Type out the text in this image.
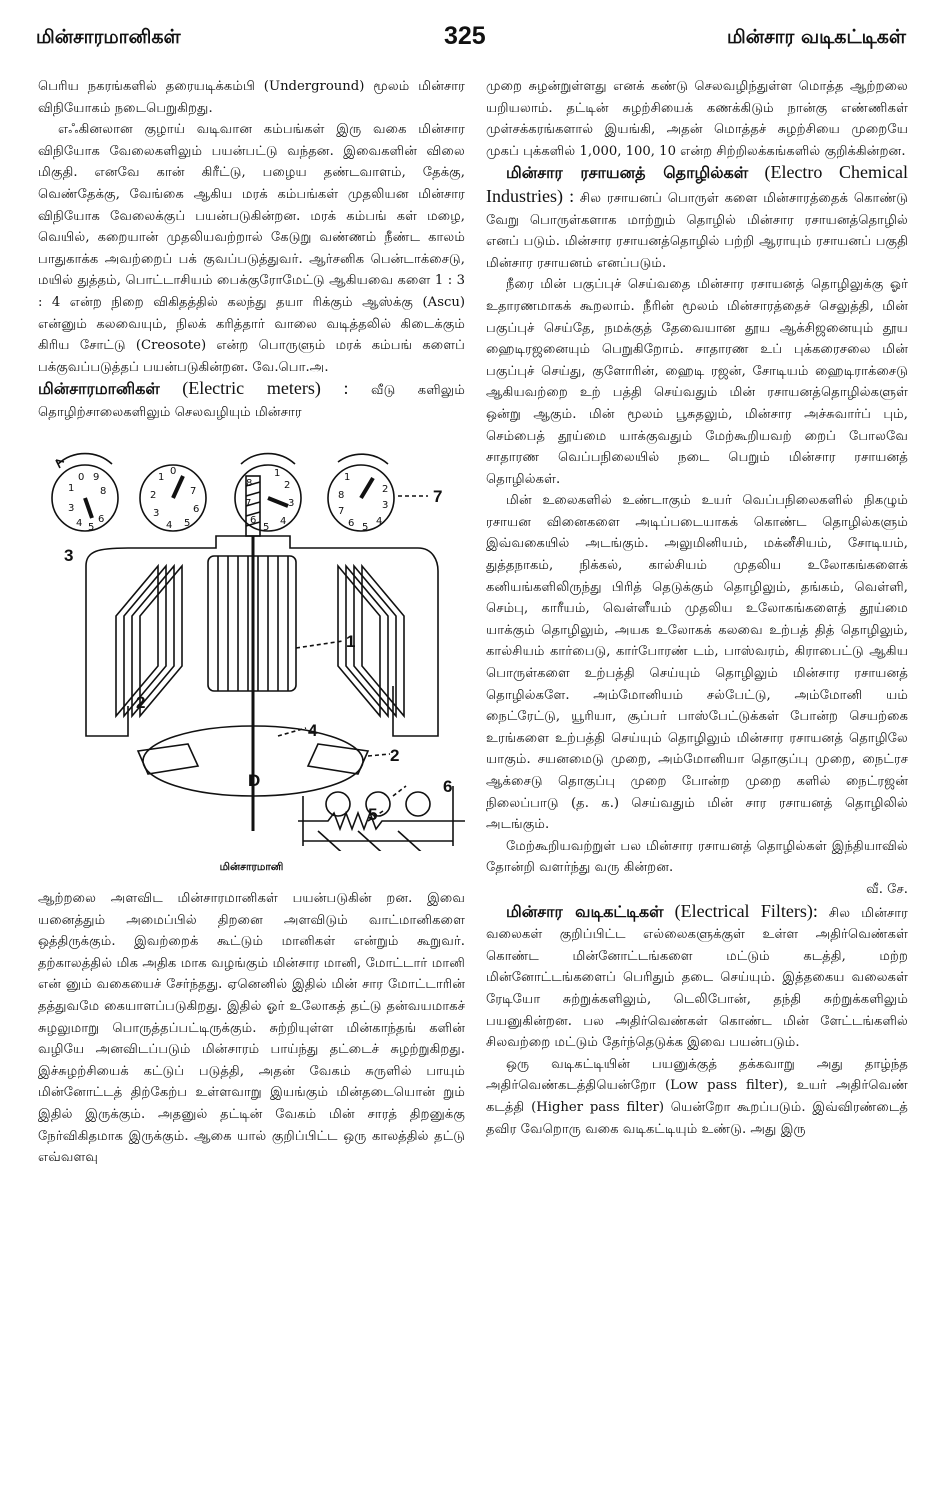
மின்சாரமானிகள்	325	மின்சார வடிகட்டிகள்

பெரிய நகரங்களில் தரையடிக்கம்பி (Underground) மூலம் மின்சார விநியோகம் நடைபெறுகிறது.

எஃகினலான குழாய் வடிவான கம்பங்கள் இரு வகை மின்சார விநியோக வேலைகளிலும் பயன்பட்டு வந்தன. இவைகளின் விலை மிகுதி. எனவே கான் கிரீட்டு, பழைய தண்டவாளம், தேக்கு, வெண்தேக்கு, வேங்கை ஆகிய மரக் கம்பங்கள் முதலியன மின்சார விநியோக வேலைக்குப் பயன்படுகின்றன. மரக் கம்பங் கள் மழை, வெயில், கறையான் முதலியவற்றால் கேடுறு வண்ணம் நீண்ட காலம் பாதுகாக்க அவற்றைப் பக் குவப்படுத்துவர். ஆர்சனிக பென்டாக்சைடு, மயில் துத்தம், பொட்டாசியம் பைக்குரோமேட்டு ஆகியவை களை 1 : 3 : 4 என்ற நிறை விகிதத்தில் கலந்து தயா ரிக்கும் ஆஸ்க்கு (Ascu) என்னும் கலவையும், நிலக் கரித்தார் வாலை வடித்தலில் கிடைக்கும் கிரிய சோட்டு (Creosote) என்ற பொருளும் மரக் கம்பங் களைப் பக்குவப்படுத்தப் பயன்படுகின்றன. வே.பொ.அ.

மின்சாரமானிகள் (Electric meters) : வீடு களிலும் தொழிற்சாலைகளிலும் செலவழியும் மின்சார

1
0 9
8
3
4 5
6
1
0
2
3
4 5
6
7
8
7
6
5
4
3
2
1	1
8
7
6 5
4
3
2
1
2
2
3
4
5
6
7
D
மின்சாரமானி

ஆற்றலை அளவிட மின்சாரமானிகள் பயன்படுகின் றன. இவை யனைத்தும் அமைப்பில் திறனை அளவிடும் வாட்மானிகளை ஒத்திருக்கும். இவற்றைக் கூட்டும் மானிகள் என்றும் கூறுவர். தற்காலத்தில் மிக அதிக மாக வழங்கும் மின்சார மானி, மோட்டார் மானி என் னும் வகையைச் சேர்ந்தது. ஏனெனில் இதில் மின் சார மோட்டாரின் தத்துவமே கையாளப்படுகிறது. இதில் ஓர் உலோகத் தட்டு தன்வயமாகச் சுழலுமாறு பொருத்தப்பட்டிருக்கும். சுற்றியுள்ள மின்காந்தங் களின் வழியே அனவிடப்படும் மின்சாரம் பாய்ந்து தட்டைச் சுழற்றுகிறது. இச்சுழற்சியைக் கட்டுப் படுத்தி, அதன் வேகம் சுருளில் பாயும் மின்னோட்டத் திற்கேற்ப உள்ளவாறு இயங்கும் மின்தடையொன் றும் இதில் இருக்கும். அதனுல் தட்டின் வேகம் மின் சாரத் திறனுக்கு நேர்விகிதமாக இருக்கும். ஆகை யால் குறிப்பிட்ட ஒரு காலத்தில் தட்டு எவ்வளவு

முறை சுழன்றுள்ளது எனக் கண்டு செலவழிந்துள்ள மொத்த ஆற்றலை யறியலாம். தட்டின் சுழற்சியைக் கணக்கிடும் நான்கு எண்ணிகள் முள்சக்கரங்களால் இயங்கி, அதன் மொத்தச் சுழற்சியை முறையே முகப் புக்களில் 1,000, 100, 10 என்ற சிற்றிலக்கங்களில் குறிக்கின்றன.

மின்சார ரசாயனத் தொழில்கள் (Electro Chemical Industries) : சில ரசாயனப் பொருள் களை மின்சாரத்தைக் கொண்டு வேறு பொருள்களாக மாற்றும் தொழில் மின்சார ரசாயனத்தொழில் எனப் படும். மின்சார ரசாயனத்தொழில் பற்றி ஆராயும் ரசாயனப் பகுதி மின்சார ரசாயனம் எனப்படும்.

நீரை மின் பகுப்புச் செய்வதை மின்சார ரசாயனத் தொழிலுக்கு ஓர் உதாரணமாகக் கூறலாம். நீரின் மூலம் மின்சாரத்தைச் செலுத்தி, மின் பகுப்புச் செய்தே, நமக்குத் தேவையான தூய ஆக்சிஜனையும் தூய ஹைடிரஜனையும் பெறுகிறோம். சாதாரண உப் புக்கரைசலை மின் பகுப்புச் செய்து, குளோரின், ஹைடி ரஜன், சோடியம் ஹைடிராக்சைடு ஆகியவற்றை உற் பத்தி செய்வதும் மின் ரசாயனத்தொழில்களுள் ஒன்று ஆகும். மின் மூலம் பூசுதலும், மின்சார அச்சுவார்ப் பும், செம்பைத் தூய்மை யாக்குவதும் மேற்கூறியவற் றைப் போலவே சாதாரண வெப்பநிலையில் நடை பெறும் மின்சார ரசாயனத் தொழில்கள்.

மின் உலைகளில் உண்டாகும் உயர் வெப்பநிலைகளில் நிகழும் ரசாயன வினைகளை அடிப்படையாகக் கொண்ட தொழில்களும் இவ்வகையில் அடங்கும். அலுமினியம், மக்னீசியம், சோடியம், துத்தநாகம், நிக்கல், கால்சியம் முதலிய உலோகங்களைக் கனியங்களிலிருந்து பிரித் தெடுக்கும் தொழிலும், தங்கம், வெள்ளி, செம்பு, காரீயம், வெள்ளீயம் முதலிய உலோகங்களைத் தூய்மை யாக்கும் தொழிலும், அயக உலோகக் கலவை உற்பத் தித் தொழிலும், கால்சியம் கார்பைடு, கார்போரண் டம், பாஸ்வரம், கிராபைட்டு ஆகிய பொருள்களை உற்பத்தி செய்யும் தொழிலும் மின்சார ரசாயனத் தொழில்களே. அம்மோனியம் சல்பேட்டு, அம்மோனி யம் நைட்ரேட்டு, யூரியா, சூப்பர் பாஸ்பேட்டுக்கள் போன்ற செயற்கை உரங்களை உற்பத்தி செய்யும் தொழிலும் மின்சார ரசாயனத் தொழிலே யாகும். சயனமைடு முறை, அம்மோனியா தொகுப்பு முறை, நைட்ரச ஆக்சைடு தொகுப்பு முறை போன்ற முறை களில் நைட்ரஜன் நிலைப்பாடு (த. க.) செய்வதும் மின் சார ரசாயனத் தொழிலில் அடங்கும்.

மேற்கூறியவற்றுள் பல மின்சார ரசாயனத் தொழில்கள் இந்தியாவில் தோன்றி வளர்ந்து வரு கின்றன.
வீ. சே.

மின்சார வடிகட்டிகள் (Electrical Filters): சில மின்சார வலைகள் குறிப்பிட்ட எல்லைகளுக்குள் உள்ள அதிர்வெண்கள் கொண்ட மின்னோட்டங்களை மட்டும் கடத்தி, மற்ற மின்னோட்டங்களைப் பெரிதும் தடை செய்யும். இத்தகைய வலைகள் ரேடியோ சுற்றுக்களிலும், டெலிபோன், தந்தி சுற்றுக்களிலும் பயனுகின்றன. பல அதிர்வெண்கள் கொண்ட மின் ளேட்டங்களில் சிலவற்றை மட்டும் தேர்ந்தெடுக்க இவை பயன்படும்.

ஒரு வடிகட்டியின் பயனுக்குத் தக்கவாறு அது தாழ்ந்த அதிர்வெண்கடத்தியென்றோ (Low pass filter), உயர் அதிர்வெண் கடத்தி (Higher pass filter) யென்றோ கூறப்படும். இவ்விரண்டைத் தவிர வேறொரு வகை வடிகட்டியும் உண்டு. அது இரு
